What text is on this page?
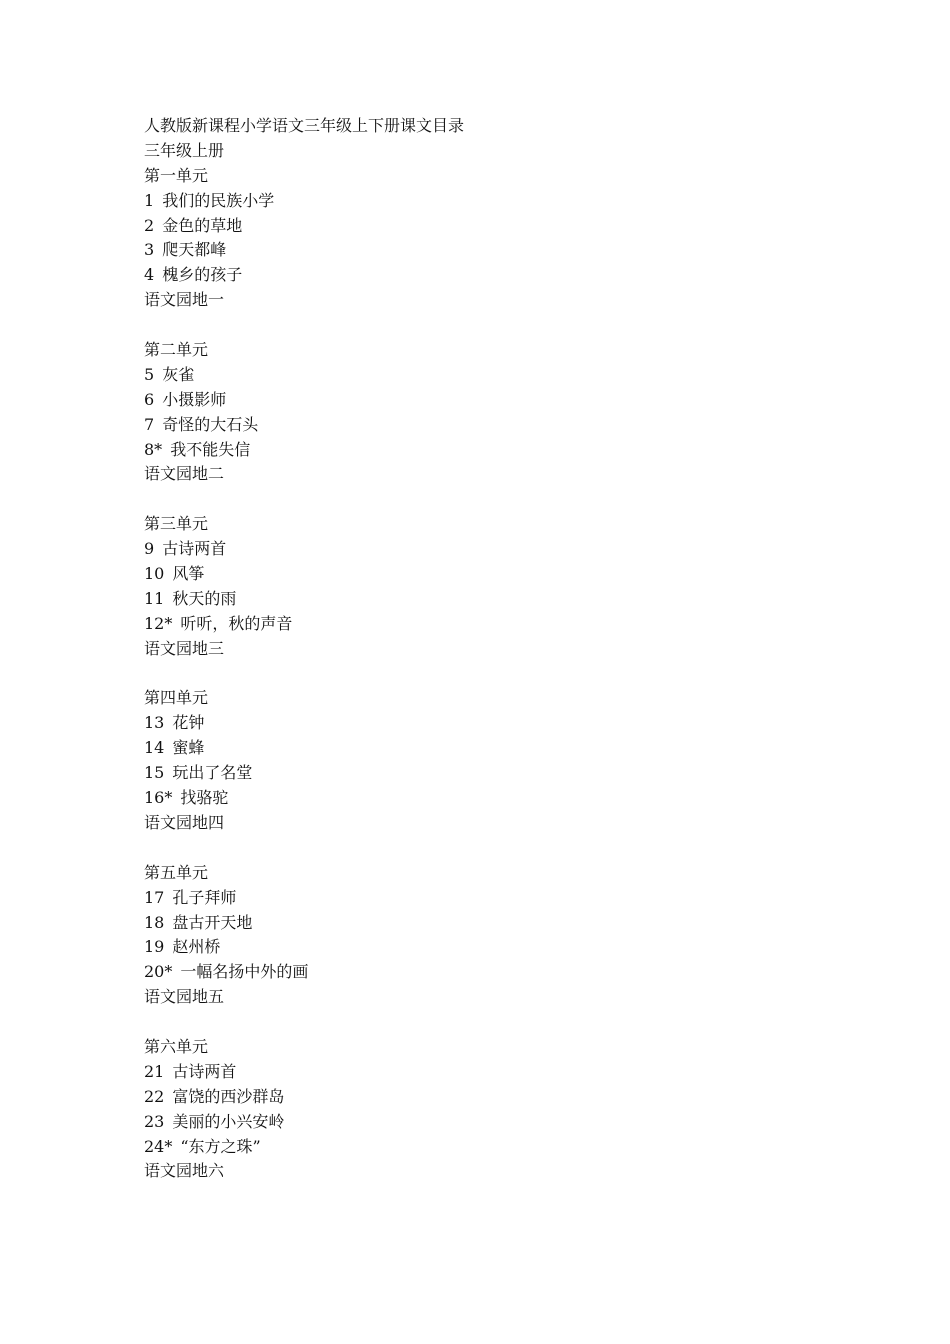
人教版新课程小学语文三年级上下册课文目录
三年级上册
第一单元
1 我们的民族小学
2 金色的草地
3 爬天都峰
4 槐乡的孩子
语文园地一
第二单元
5 灰雀
6 小摄影师
7 奇怪的大石头
8* 我不能失信
语文园地二
第三单元
9 古诗两首
10 风筝
11 秋天的雨
12* 听听，秋的声音
语文园地三
第四单元
13 花钟
14 蜜蜂
15 玩出了名堂
16* 找骆驼
语文园地四
第五单元
17 孔子拜师
18 盘古开天地
19 赵州桥
20* 一幅名扬中外的画
语文园地五
第六单元
21 古诗两首
22 富饶的西沙群岛
23 美丽的小兴安岭
24* “东方之珠”
语文园地六
